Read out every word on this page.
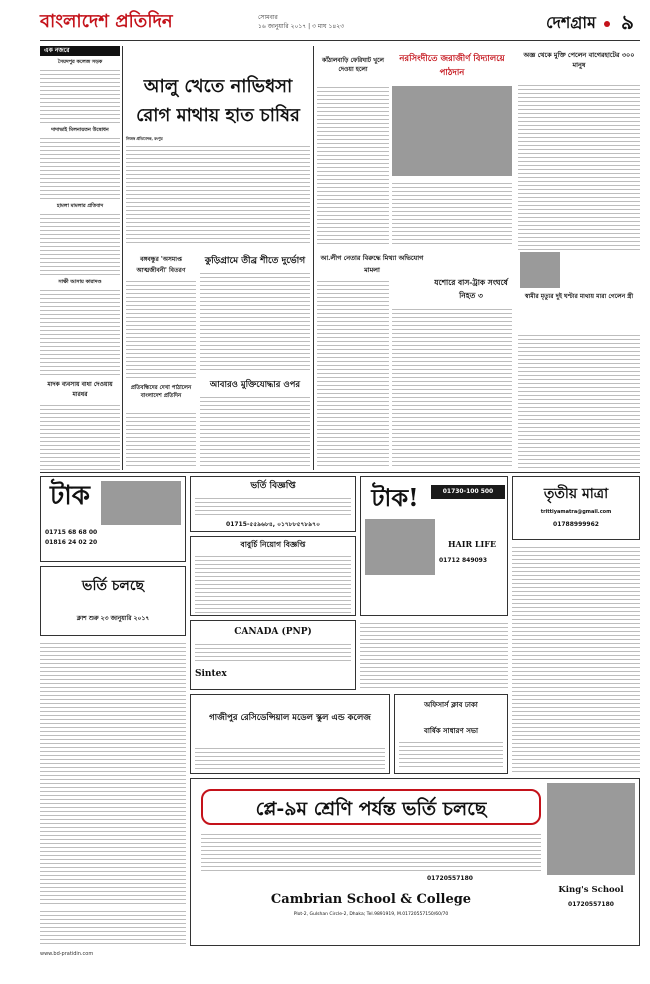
বাংলাদেশ প্রতিদিন	সোমবার
১৬ জানুয়ারি ২০১৭ | ৩ মাঘ ১৪২৩	দেশগ্রাম	৯
এক নজরে
সৈয়দপুর কলেজ সড়ক
দাদাভাই মিলনায়তন উদ্বোধন
হামলা মামলার প্রতিবাদ
সাক্ষী আসায় কারাদণ্ড
মাদক ব্যবসায় বাধা দেওয়ায় মারধর
আলু খেতে নাভিধসা রোগ মাথায় হাত চাষির
নিজস্ব প্রতিবেদক, রংপুর
বঙ্গবন্ধুর 'অসমাপ্ত আত্মজীবনী' বিতরণ
প্রতিবন্ধিদের দেখা পাঠালেন বাংলাদেশ প্রতিদিন
কুড়িগ্রামে তীব্র শীতে দুর্ভোগ
আবারও মুক্তিযোদ্ধার ওপর
কাঁঠালবাড়ি ফেরিঘাট খুলে দেওয়া হলো
নরসিংদীতে জরাজীর্ণ বিদ্যালয়ে পাঠদান
অজ্ঞ থেকে মুক্তি পেলেন বাগেরহাটের ৩০০ মানুষ
আ.লীগ নেতার বিরুদ্ধে মিথ্যা অভিযোগ মামলা
যশোরে বাস-ট্রাক সংঘর্ষে নিহত ৩	স্বামীর মৃত্যুর দুই ঘণ্টার মাথায় মারা গেলেন স্ত্রী
টাক
01715 68 68 00
01816 24 02 20
ভর্তি চলছে
ক্লাশ শুরু ২৩ জানুয়ারি ২০১৭
ভর্তি বিজ্ঞপ্তি
01715-৫৫৯৬৮৪, ০১৭৮৮৫৭৮৯৭০
বাবুর্চি নিয়োগ বিজ্ঞপ্তি
টাক!	01730-100 500
HAIR LIFE
01712 849093
তৃতীয় মাত্রা
trittiyamatra@gmail.com
01788999962
CANADA (PNP)
Sintex
গাজীপুর রেসিডেন্সিয়াল মডেল স্কুল এন্ড কলেজ
অফিসার্স ক্লাব ঢাকা
বার্ষিক সাধারণ সভা
প্লে-৯ম শ্রেণি পর্যন্ত ভর্তি চলছে
01720557180
Cambrian School & College
Plot-2, Gulshan Circle-2, Dhaka; Tel.9891919, M.01720557150/60/70
King's School
01720557180
www.bd-pratidin.com
